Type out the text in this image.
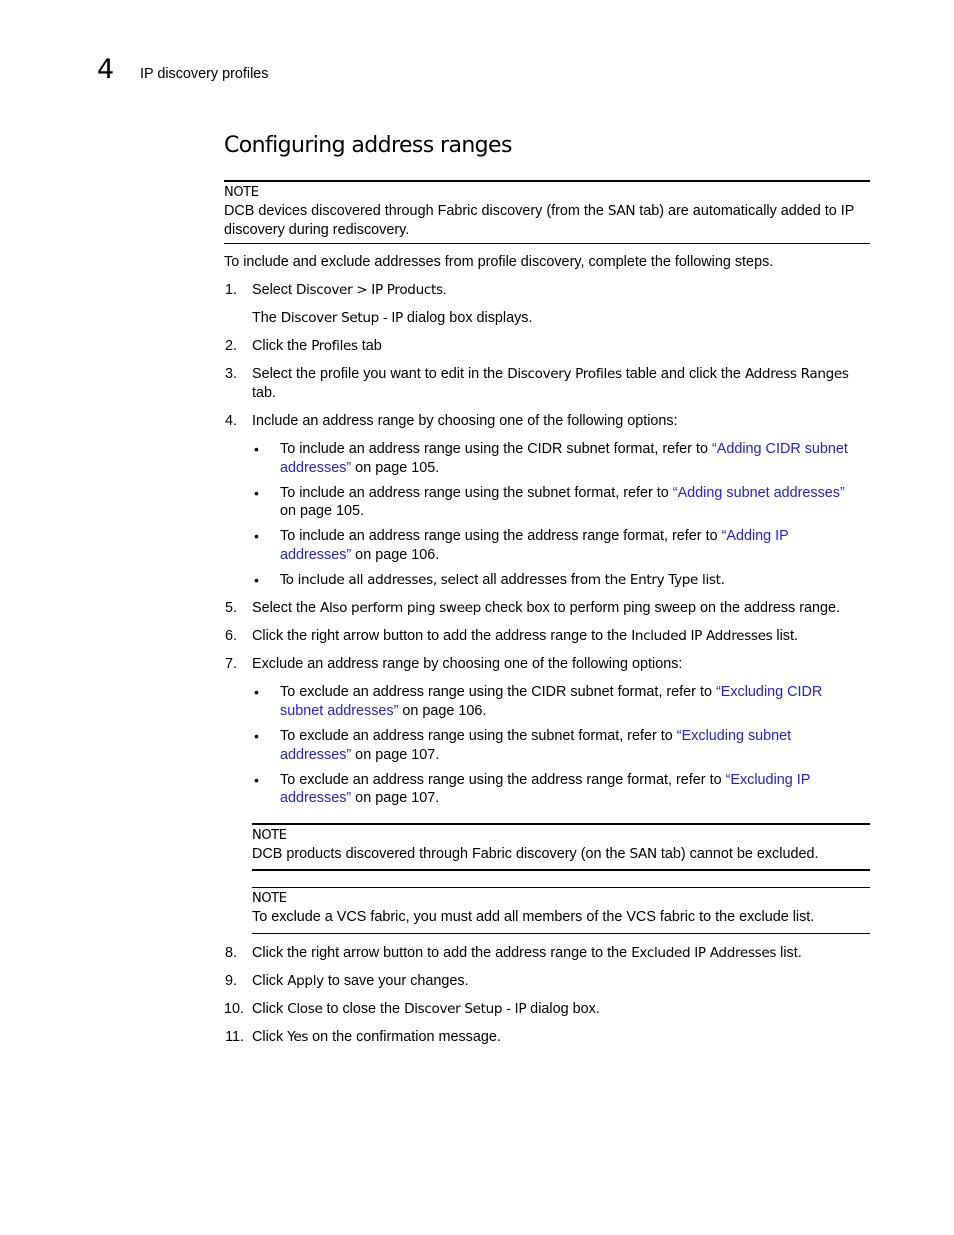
4 IP discovery profiles
Configuring address ranges
NOTE
DCB devices discovered through Fabric discovery (from the SAN tab) are automatically added to IP
discovery during rediscovery.
To include and exclude addresses from profile discovery, complete the following steps.
1. Select Discover > IP Products.
The Discover Setup - IP dialog box displays.
2. Click the Profiles tab
3. Select the profile you want to edit in the Discovery Profiles table and click the Address Ranges
tab.
4. Include an address range by choosing one of the following options:
• To include an address range using the CIDR subnet format, refer to “Adding CIDR subnet
addresses” on page 105.
• To include an address range using the subnet format, refer to “Adding subnet addresses”
on page 105.
• To include an address range using the address range format, refer to “Adding IP
addresses” on page 106.
• To include all addresses, select all addresses from the Entry Type list.
5. Select the Also perform ping sweep check box to perform ping sweep on the address range.
6. Click the right arrow button to add the address range to the Included IP Addresses list.
7. Exclude an address range by choosing one of the following options:
• To exclude an address range using the CIDR subnet format, refer to “Excluding CIDR
subnet addresses” on page 106.
• To exclude an address range using the subnet format, refer to “Excluding subnet
addresses” on page 107.
• To exclude an address range using the address range format, refer to “Excluding IP
addresses” on page 107.
NOTE
DCB products discovered through Fabric discovery (on the SAN tab) cannot be excluded.
NOTE
To exclude a VCS fabric, you must add all members of the VCS fabric to the exclude list.
8. Click the right arrow button to add the address range to the Excluded IP Addresses list.
9. Click Apply to save your changes.
10. Click Close to close the Discover Setup - IP dialog box.
11. Click Yes on the confirmation message.
